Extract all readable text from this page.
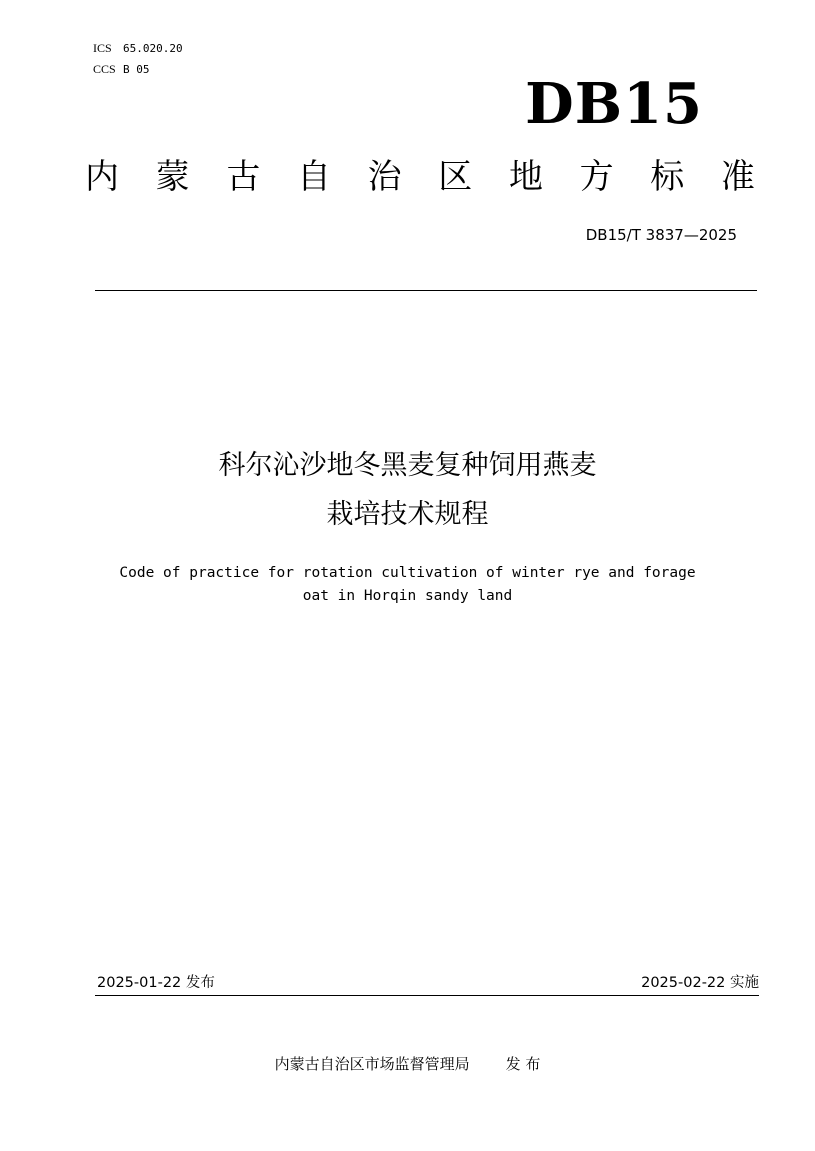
ICS 65.020.20
CCS B 05
DB15
内 蒙 古 自 治 区 地 方 标 准
DB15/T 3837—2025
科尔沁沙地冬黑麦复种饲用燕麦
栽培技术规程
Code of practice for rotation cultivation of winter rye and forage
oat in Horqin sandy land
2025-01-22 发布	2025-02-22 实施
内蒙古自治区市场监督管理局 发 布
